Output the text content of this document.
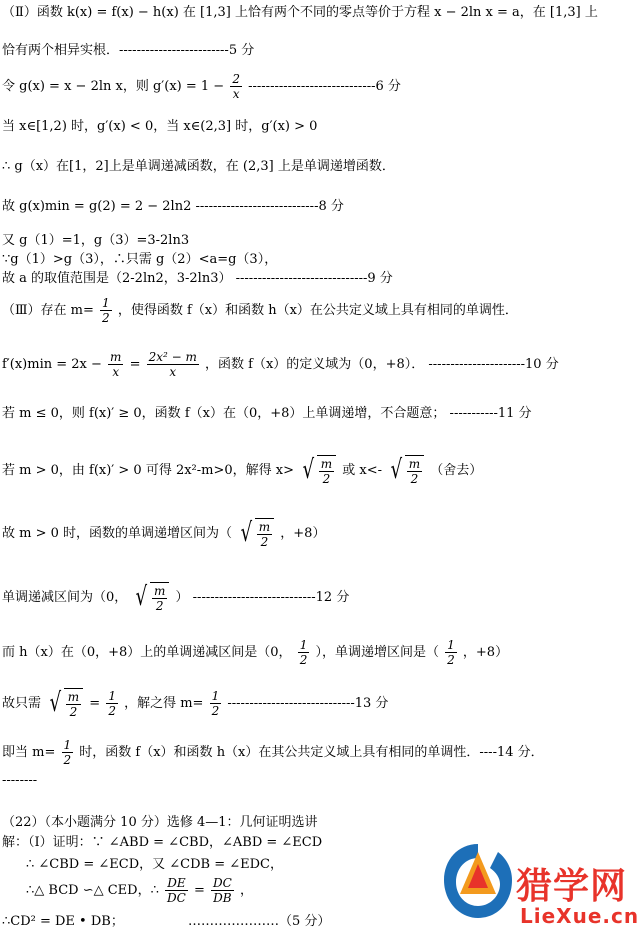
（Ⅱ）函数 k(x) = f(x) − h(x) 在 [1,3] 上恰有两个不同的零点等价于方程 x − 2ln x = a，在 [1,3] 上
恰有两个相异实根．-------------------------5 分
令 g(x) = x − 2ln x，则 $g'(x) = 1 - \frac{2}{x} -----------------------------6$ 分
当 x∈[1,2) 时，g′(x) < 0，当 x∈(2,3] 时，g′(x) > 0
∴ g（x）在[1，2]上是单调递减函数，在 (2,3] 上是单调递增函数．
故 g(x)min = g(2) = 2 − 2ln2 ----------------------------8 分
又 g（1）=1，g（3）=3-2ln3
∵g（1）>g（3），∴只需 g（2）<a=g（3），
故 a 的取值范围是（2-2ln2，3-2ln3） ------------------------------9 分
（Ⅲ）存在 $m= \frac{1}{2}$ ，使得函数 f（x）和函数 h（x）在公共定义域上具有相同的单调性．
$f'(x)\min = 2x - \frac{m}{x} = \frac{\text{2x² − m}}{x}$ ，函数 f（x）的定义域为（0，+8）． ----------------------10 分
若 m ≤ 0，则 f(x)′ ≥ 0，函数 f（x）在（0，+8）上单调递增，不合题意； -----------11 分
若 m > 0，由 f(x)′ > 0 可得 2x²-m>0，解得 x> √ $\frac{m}{2}$ 或 x<- √ $\frac{m}{2}$ （舍去）
故 m > 0 时，函数的单调递增区间为（ √ $\frac{m}{2}$ ，+8）
单调递减区间为（0， √ $\frac{m}{2}$ ） ----------------------------12 分
而 h（x）在（0，+8）上的单调递减区间是（0， $\frac{1}{2}$ ），单调递增区间是（ $\frac{1}{2}$ ，+8）
故只需 √ $\frac{m}{2} = \frac{1}{2}$ ，解之得 $m= \frac{1}{2} -----------------------------13$ 分
即当 $m= \frac{1}{2}$ 时，函数 f（x）和函数 h（x）在其公共定义域上具有相同的单调性．----14 分．
--------
（22）（本小题满分 10 分）选修 4—1：几何证明选讲
解：（Ⅰ）证明：∵ ∠ABD = ∠CBD，∠ABD = ∠ECD
∴ ∠CBD = ∠ECD，又 ∠CDB = ∠EDC，
∴△ BCD ∽△ CED，∴ $\frac{DE}{DC} = \frac{DC}{DB}$ ，
∴CD² = DE • DB；	…………………（5 分）
猎学网
LieXue.cn
